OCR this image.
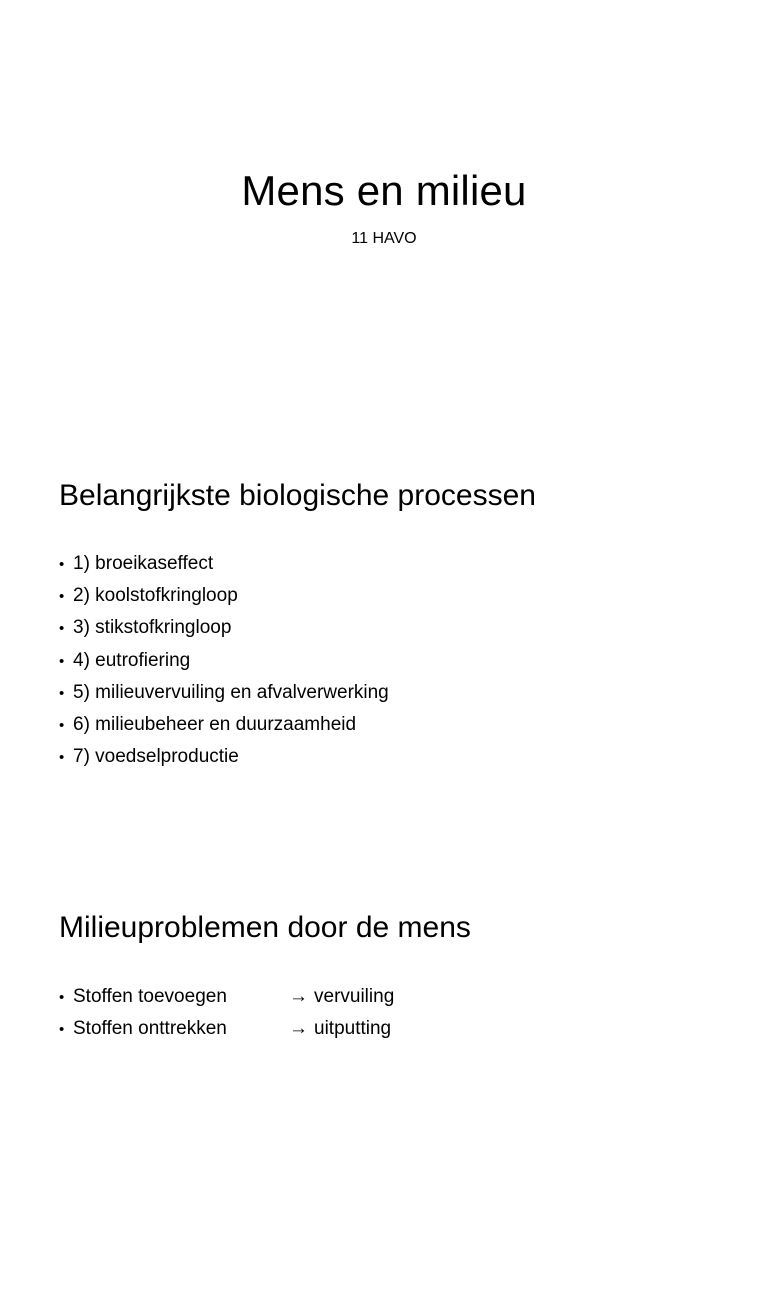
Mens en milieu
11 HAVO
Belangrijkste biologische processen
• 1) broeikaseffect
• 2) koolstofkringloop
• 3) stikstofkringloop
• 4) eutrofiering
• 5) milieuvervuiling en afvalverwerking
• 6) milieubeheer en duurzaamheid
• 7) voedselproductie
Milieuproblemen door de mens
• Stoffen toevoegen	→ vervuiling
• Stoffen onttrekken	→ uitputting
